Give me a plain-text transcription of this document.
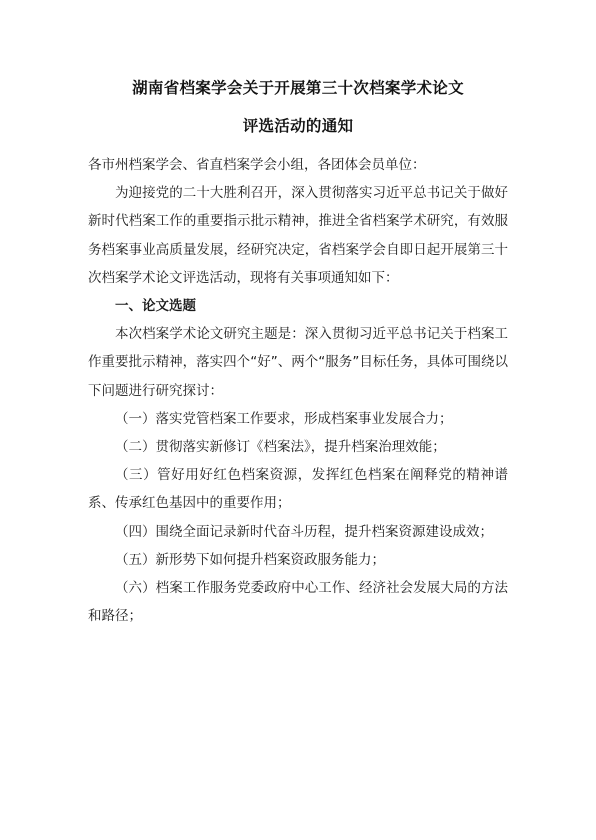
湖南省档案学会关于开展第三十次档案学术论文
评选活动的通知

各市州档案学会、省直档案学会小组，各团体会员单位：

为迎接党的二十大胜利召开，深入贯彻落实习近平总书记关于做好新时代档案工作的重要指示批示精神，推进全省档案学术研究，有效服务档案事业高质量发展，经研究决定，省档案学会自即日起开展第三十次档案学术论文评选活动，现将有关事项通知如下：

一、论文选题

本次档案学术论文研究主题是：深入贯彻习近平总书记关于档案工作重要批示精神，落实四个“好”、两个“服务”目标任务，具体可围绕以下问题进行研究探讨：

（一）落实党管档案工作要求，形成档案事业发展合力；

（二）贯彻落实新修订《档案法》，提升档案治理效能；

（三）管好用好红色档案资源，发挥红色档案在阐释党的精神谱系、传承红色基因中的重要作用；

（四）围绕全面记录新时代奋斗历程，提升档案资源建设成效；

（五）新形势下如何提升档案资政服务能力；

（六）档案工作服务党委政府中心工作、经济社会发展大局的方法和路径；
